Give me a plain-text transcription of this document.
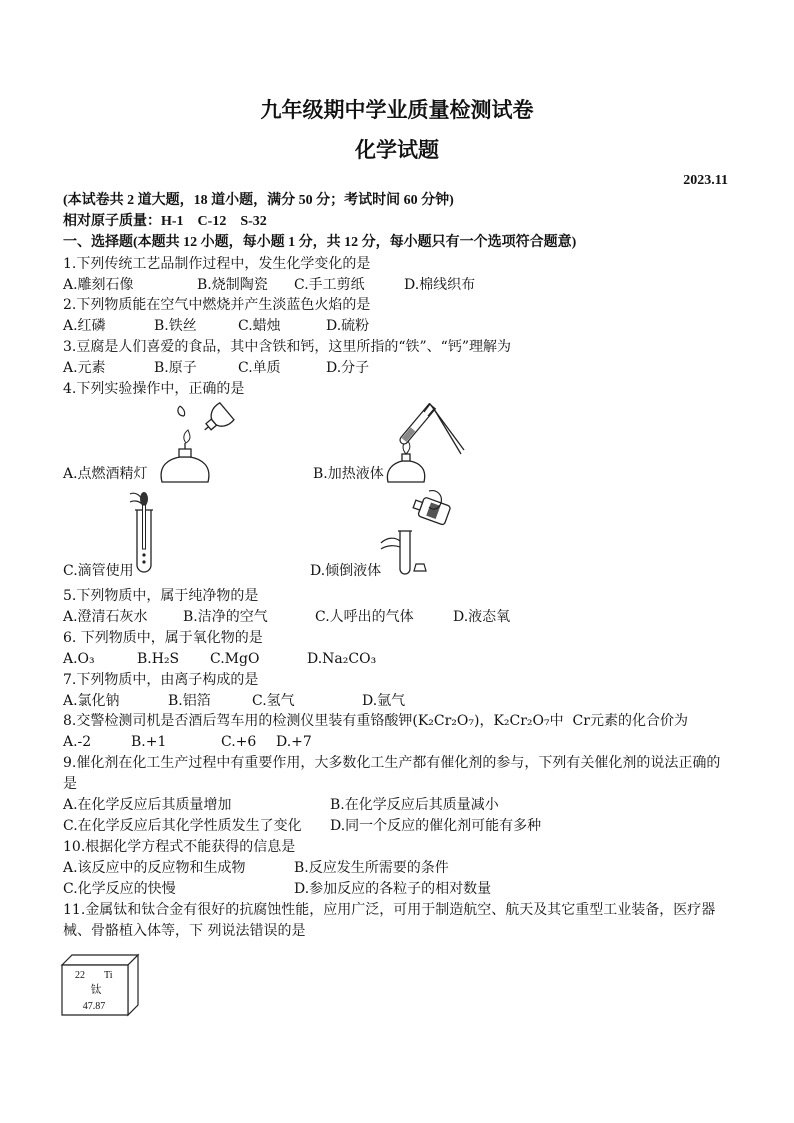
九年级期中学业质量检测试卷
化学试题
2023.11
(本试卷共 2 道大题，18 道小题，满分 50 分；考试时间 60 分钟)
相对原子质量：H-1    C-12    S-32
一、选择题(本题共 12 小题，每小题 1 分，共 12 分，每小题只有一个选项符合题意)
1.下列传统工艺品制作过程中，发生化学变化的是
A.雕刻石像	B.烧制陶瓷 C.手工剪纸	D.棉线织布
2.下列物质能在空气中燃烧并产生淡蓝色火焰的是
A.红磷	B.铁丝	C.蜡烛	D.硫粉
3.豆腐是人们喜爱的食品，其中含铁和钙，这里所指的“铁”、“钙”理解为
A.元素	B.原子	C.单质	D.分子
4.下列实验操作中，正确的是
A.点燃酒精灯	B.加热液体
C.滴管使用	D.倾倒液体
5.下列物质中，属于纯净物的是
A.澄清石灰水	B.洁净的空气	C.人呼出的气体	D.液态氧
6. 下列物质中，属于氧化物的是
A.O₃	B.H₂S C.MgO	D.Na₂CO₃
7.下列物质中，由离子构成的是
A.氯化钠	B.铝箔	C.氢气	D.氩气
8.交警检测司机是否酒后驾车用的检测仪里装有重铬酸钾(K₂Cr₂O₇)，K₂Cr₂O₇中  Cr元素的化合价为
A.-2	B.+1	C.+6 D.+7
9.催化剂在化工生产过程中有重要作用，大多数化工生产都有催化剂的参与，下列有关催化剂的说法正确的
是
A.在化学反应后其质量增加	B.在化学反应后其质量减小
C.在化学反应后其化学性质发生了变化 D.同一个反应的催化剂可能有多种
10.根据化学方程式不能获得的信息是
A.该反应中的反应物和生成物	B.反应发生所需要的条件
C.化学反应的快慢	D.参加反应的各粒子的相对数量
11.金属钛和钛合金有很好的抗腐蚀性能，应用广泛，可用于制造航空、航天及其它重型工业装备，医疗器
械、骨骼植入体等，下 列说法错误的是
22 Ti
钛
47.87
